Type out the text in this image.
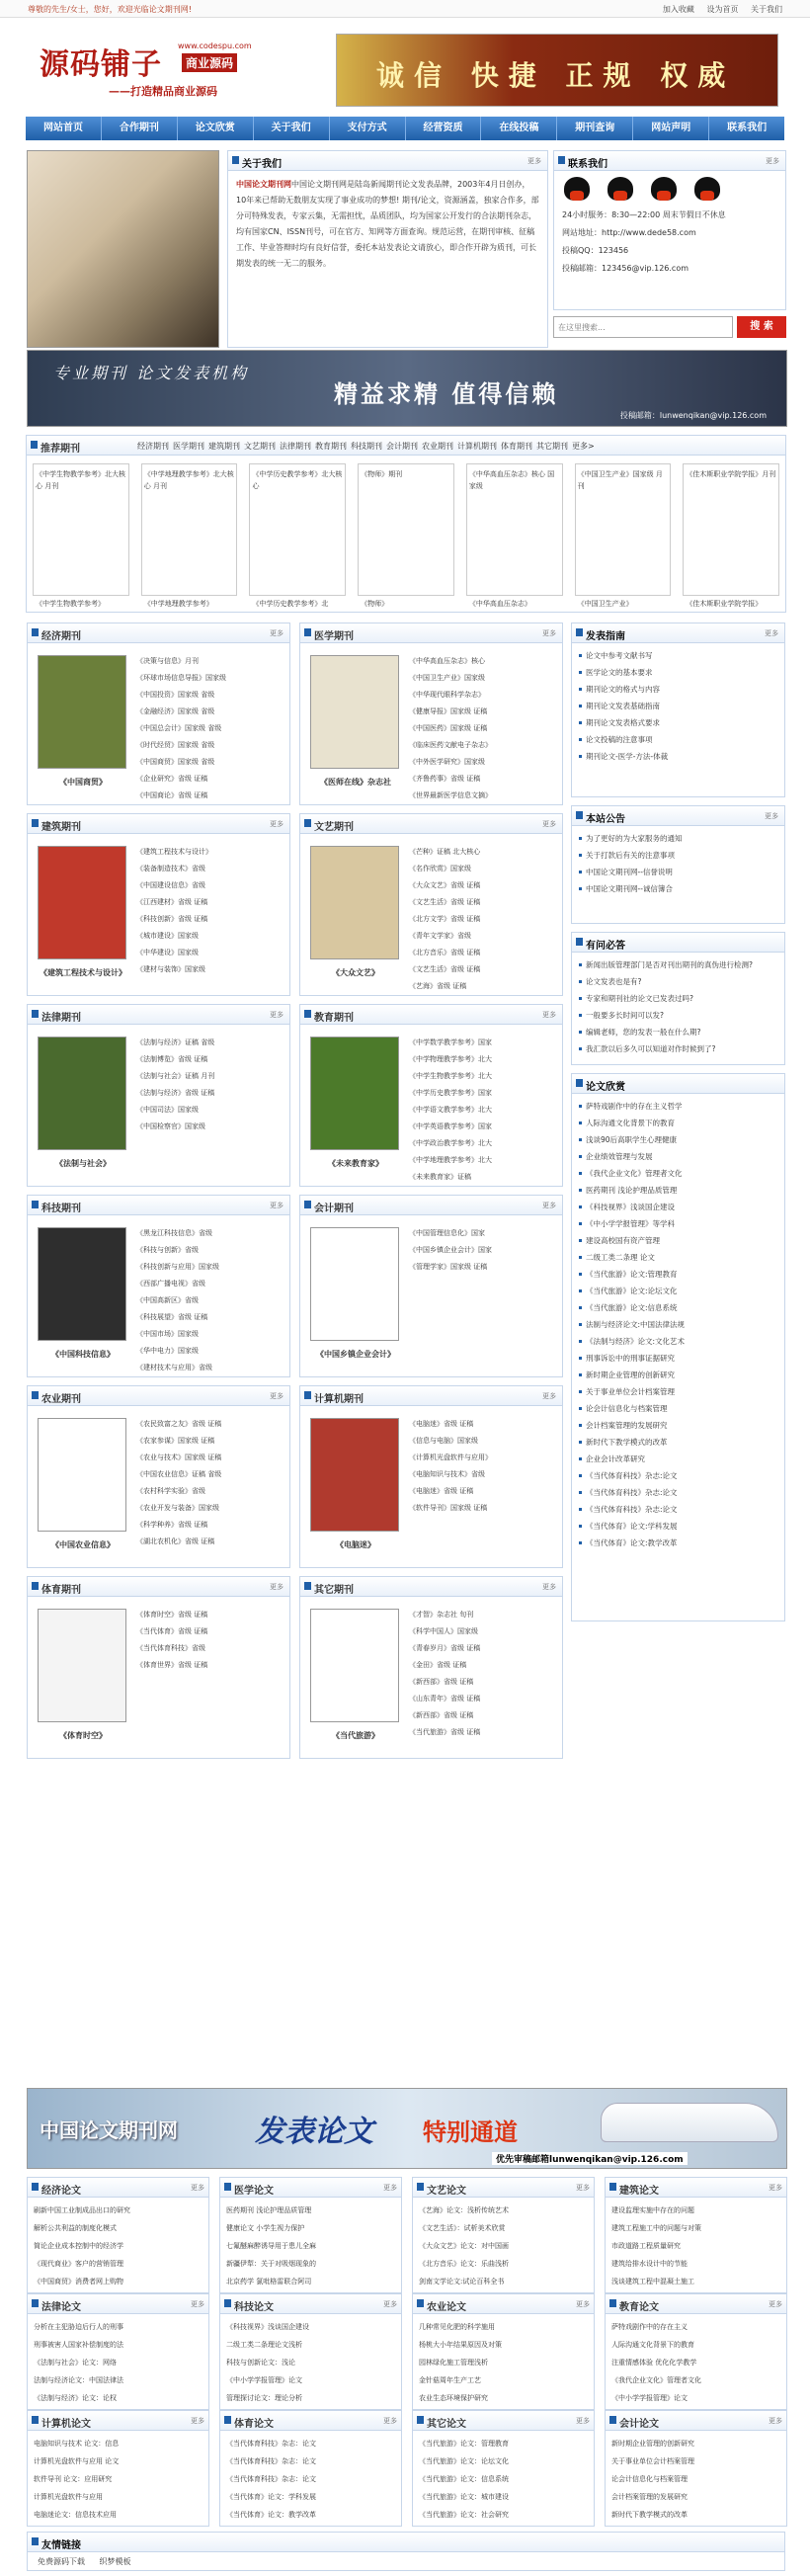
尊敬的先生/女士，您好，欢迎光临论文期刊网!	加入收藏 设为首页 关于我们
源码铺子
www.codespu.com
商业源码
——打造精品商业源码	诚信 快捷 正规 权威
网站首页	合作期刊	论文欣赏	关于我们	支付方式	经营资质	在线投稿	期刊查询	网站声明	联系我们
关于我们	更多
中国论文期刊网中国论文期刊网是陆岛新闻期刊论文发表品牌，2003年4月日创办，10年来已帮助无数朋友实现了事业成功的梦想! 期刊/论文，资源涵盖，独家合作多，部分可特殊发表，专家云集，无需担忧，品质团队，均为国家公开发行的合法期刊杂志，均有国家CN、ISSN刊号，可在官方、知网等方面查询。规范运营，在期刊审核、征稿工作、毕业答辩时均有良好信誉，委托本站发表论文请放心，即合作开辟为质刊，可长期发表的统一无二的服务。
联系我们	更多
24小时服务：8:30—22:00 周末节假日不休息
网站地址：http://www.dede58.com
投稿QQ：123456
投稿邮箱：123456@vip.126.com
在这里搜索...
搜 索
专业期刊 论文发表机构
精益求精 值得信赖
投稿邮箱：lunwenqikan@vip.126.com
推荐期刊	经济期刊 医学期刊 建筑期刊 文艺期刊 法律期刊 教育期刊 科技期刊 会计期刊 农业期刊 计算机期刊 体育期刊 其它期刊 更多>
《中学生物教学参考》北大核心 月刊
《中学生物教学参考》
《中学地理教学参考》北大核心 月刊
《中学地理教学参考》
《中学历史教学参考》北大核心
《中学历史教学参考》北
《物师》期刊
《物师》
《中华高血压杂志》核心 国家级
《中华高血压杂志》
《中国卫生产业》国家级 月刊
《中国卫生产业》
《佳木斯职业学院学报》月刊
《佳木斯职业学院学报》
经济期刊	更多
《中国商贸》
《决策与信息》月刊
《环球市场信息导报》国家级
《中国投资》国家级 省级
《金融经济》国家级 省级
《中国总会计》国家级 省级
《时代经贸》国家级 省级
《中国商贸》国家级 省级
《企业研究》省级 证稿
《中国商论》省级 证稿
医学期刊	更多
《医师在线》杂志社
《中华高血压杂志》核心
《中国卫生产业》国家级
《中华现代眼科学杂志》
《健康导报》国家级 证稿
《中国医药》国家级 证稿
《临床医药文献电子杂志》
《中外医学研究》国家级
《齐鲁药事》省级 证稿
《世界最新医学信息文摘》
建筑期刊	更多
《建筑工程技术与设计》
《建筑工程技术与设计》
《装备制造技术》省级
《中国建设信息》省级
《江西建材》省级 证稿
《科技创新》省级 证稿
《城市建设》国家级
《中华建设》国家级
《建材与装饰》国家级
文艺期刊	更多
《大众文艺》
《芒种》证稿 北大核心
《名作欣赏》国家级
《大众文艺》省级 证稿
《文艺生活》省级 证稿
《北方文学》省级 证稿
《青年文学家》省级
《北方音乐》省级 证稿
《文艺生活》省级 证稿
《艺海》省级 证稿
法律期刊	更多
《法制与社会》
《法制与经济》证稿 省级
《法制博览》省级 证稿
《法制与社会》证稿 月刊
《法制与经济》省级 证稿
《中国司法》国家级
《中国检察官》国家级
教育期刊	更多
《未来教育家》
《中学数学教学参考》国家
《中学物理教学参考》北大
《中学生物教学参考》北大
《中学历史教学参考》国家
《中学语文教学参考》北大
《中学英语教学参考》国家
《中学政治教学参考》北大
《中学地理教学参考》北大
《未来教育家》证稿
科技期刊	更多
《中国科技信息》
《黑龙江科技信息》省级
《科技与创新》省级
《科技创新与应用》国家级
《西部广播电视》省级
《中国高新区》省级
《科技展望》省级 证稿
《中国市场》国家级
《华中电力》国家级
《建材技术与应用》省级
会计期刊	更多
《中国乡镇企业会计》
《中国管理信息化》国家
《中国乡镇企业会计》国家
《管理学家》国家级 证稿
农业期刊	更多
《中国农业信息》
《农民致富之友》省级 证稿
《农家参谋》国家级 证稿
《农业与技术》国家级 证稿
《中国农业信息》证稿 省级
《农村科学实验》省级
《农业开发与装备》国家级
《科学种养》省级 证稿
《湖北农机化》省级 证稿
计算机期刊	更多
《电脑迷》
《电脑迷》省级 证稿
《信息与电脑》国家级
《计算机光盘软件与应用》
《电脑知识与技术》省级
《电脑迷》省级 证稿
《软件导刊》国家级 证稿
体育期刊	更多
《体育时空》
《体育时空》省级 证稿
《当代体育》省级 证稿
《当代体育科技》省级
《体育世界》省级 证稿
其它期刊	更多
《当代旅游》
《才智》杂志社 旬刊
《科学中国人》国家级
《青春岁月》省级 证稿
《金田》省级 证稿
《新西部》省级 证稿
《山东青年》省级 证稿
《新西部》省级 证稿
《当代旅游》省级 证稿
发表指南	更多
论文中参考文献书写
医学论文的基本要求
期刊论文的格式与内容
期刊论文发表基础指南
期刊论文发表格式要求
论文投稿的注意事项
期刊论文-医学-方法-体裁
本站公告	更多
为了更好的为大家服务的通知
关于打款后有关的注意事项
中国论文期刊网--信誉说明
中国论文期刊网--诚信簿合
有问必答
新闻出版管理部门是否对刊出期刊的真伪进行检测?
论文发表也是有?
专家和期刊社的论文已发表过吗?
一般要多长时间可以发?
编辑老师，您的发表一般在什么期?
我汇款以后多久可以知道对作时候到了?
论文欣赏
萨特戏剧作中的存在主义哲学
人际沟通文化背景下的教育
浅谈90后高职学生心理健康
企业绩效管理与发展
《我代企业文化》管理者文化
医药期刊 浅论护理品质管理
《科技视界》浅谈国企建设
《中小学学报管理》等学科
建设高校国有资产管理
二级工类二条理 论文
《当代旅游》论文:管理教育
《当代旅游》论文:论坛文化
《当代旅游》论文:信息系统
法制与经济论文:中国法律法规
《法制与经济》论文:文化艺术
刑事诉讼中的刑事证据研究
新时期企业管理的创新研究
关于事业单位会计档案管理
论会计信息化与档案管理
会计档案管理的发展研究
新时代下教学模式的改革
企业会计改革研究
《当代体育科技》杂志:论文
《当代体育科技》杂志:论文
《当代体育科技》杂志:论文
《当代体育》论文:学科发展
《当代体育》论文:教学改革
中国论文期刊网	发表论文 特别通道
优先审稿邮箱lunwenqikan@vip.126.com
经济论文	更多
刷新中国工业制成品出口的研究
解析公共利益的制度化模式
简论企业成本控制中的经济学
《现代商业》客户的营销管理
《中国商贸》消费者网上购物
医学论文	更多
医药期刊 浅论护理品质管理
健康论文 小学生视力保护
七氟醚麻醉诱导用于患儿全麻
新疆伊犁：关于对吸烟现象的
北京药学 氯吡格雷联合阿司
文艺论文	更多
《艺海》论文：浅析传统艺术
《文艺生活》：试析美术欣赏
《大众文艺》论文：对中国画
《北方音乐》论文：乐曲浅析
剑南文学论文:试论百科全书
建筑论文	更多
建设监理实施中存在的问题
建筑工程施工中的问题与对策
市政道路工程质量研究
建筑给排水设计中的节能
浅谈建筑工程中混凝土施工
法律论文	更多
分析在主犯胁迫后行人的刑事
刑事被害人国家补偿制度的法
《法制与社会》论文：网络
法制与经济论文：中国法律法
《法制与经济》论文：论权
科技论文	更多
《科技视界》浅谈国企建设
二级工类二条理论文浅析
科技与创新论文：浅论
《中小学学报管理》论文
管理探讨论文：理论分析
农业论文	更多
几种常见化肥的科学施用
杨桃大小年结果原因及对策
园林绿化施工管理浅析
金针菇周年生产工艺
农业生态环境保护研究
教育论文	更多
萨特戏剧作中的存在主义
人际沟通文化背景下的教育
注重情感体验 优化化学教学
《我代企业文化》管理者文化
《中小学学报管理》论文
计算机论文	更多
电脑知识与技术 论文：信息
计算机光盘软件与应用 论文
软件导刊 论文：应用研究
计算机光盘软件与应用
电脑迷论文：信息技术应用
体育论文	更多
《当代体育科技》杂志：论文
《当代体育科技》杂志：论文
《当代体育科技》杂志：论文
《当代体育》论文：学科发展
《当代体育》论文：教学改革
其它论文	更多
《当代旅游》论文：管理教育
《当代旅游》论文：论坛文化
《当代旅游》论文：信息系统
《当代旅游》论文：城市建设
《当代旅游》论文：社会研究
会计论文	更多
新时期企业管理的创新研究
关于事业单位会计档案管理
论会计信息化与档案管理
会计档案管理的发展研究
新时代下教学模式的改革
友情链接
免费源码下载 织梦模板
